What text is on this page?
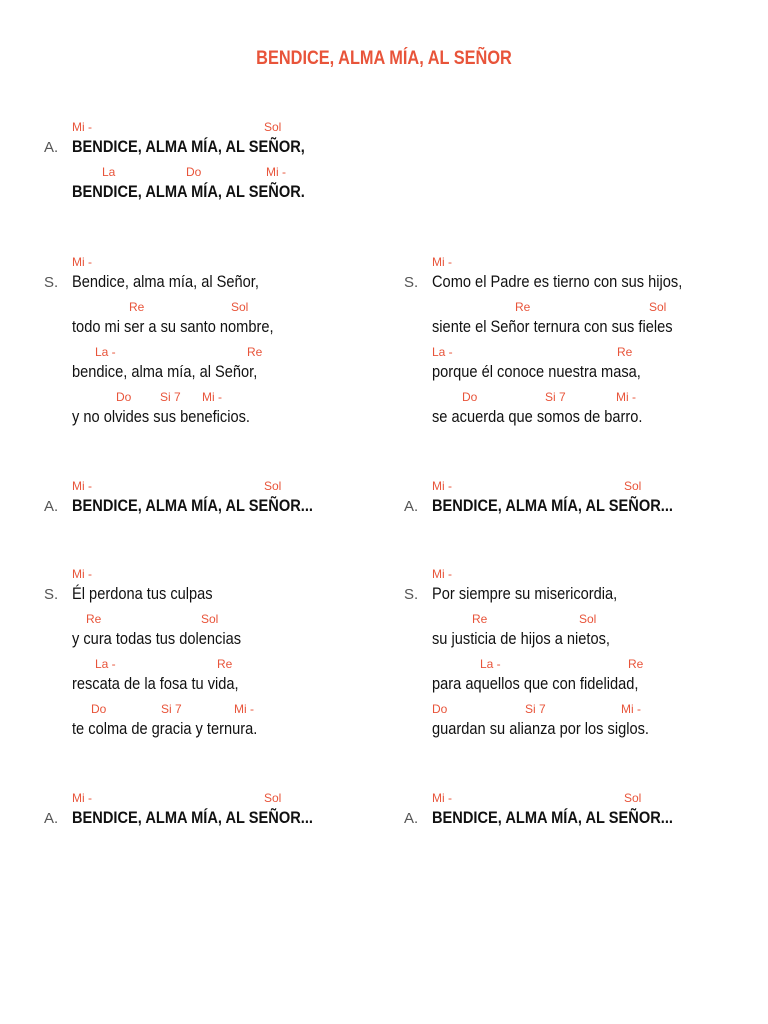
BENDICE, ALMA MÍA, AL SEÑOR
Mi -	Sol
A. BENDICE, ALMA MÍA, AL SEÑOR,
La	Do	Mi -
BENDICE, ALMA MÍA, AL SEÑOR.
Mi -
S. Bendice, alma mía, al Señor,
Re	Sol
todo mi ser a su santo nombre,
La -	Re
bendice, alma mía, al Señor,
Do Si 7 Mi -
y no olvides sus beneficios.
Mi -
S. Como el Padre es tierno con sus hijos,
Re	Sol
siente el Señor ternura con sus fieles
La -	Re
porque él conoce nuestra masa,
Do	Si 7	Mi -
se acuerda que somos de barro.
Mi -	Sol
A. BENDICE, ALMA MÍA, AL SEÑOR...
Mi -	Sol
A. BENDICE, ALMA MÍA, AL SEÑOR...
Mi -
S. Él perdona tus culpas
Re	Sol
y cura todas tus dolencias
La -	Re
rescata de la fosa tu vida,
Do	Si 7	Mi -
te colma de gracia y ternura.
Mi -
S. Por siempre su misericordia,
Re	Sol
su justicia de hijos a nietos,
La -	Re
para aquellos que con fidelidad,
Do	Si 7	Mi -
guardan su alianza por los siglos.
Mi -	Sol
A. BENDICE, ALMA MÍA, AL SEÑOR...
Mi -	Sol
A. BENDICE, ALMA MÍA, AL SEÑOR...
